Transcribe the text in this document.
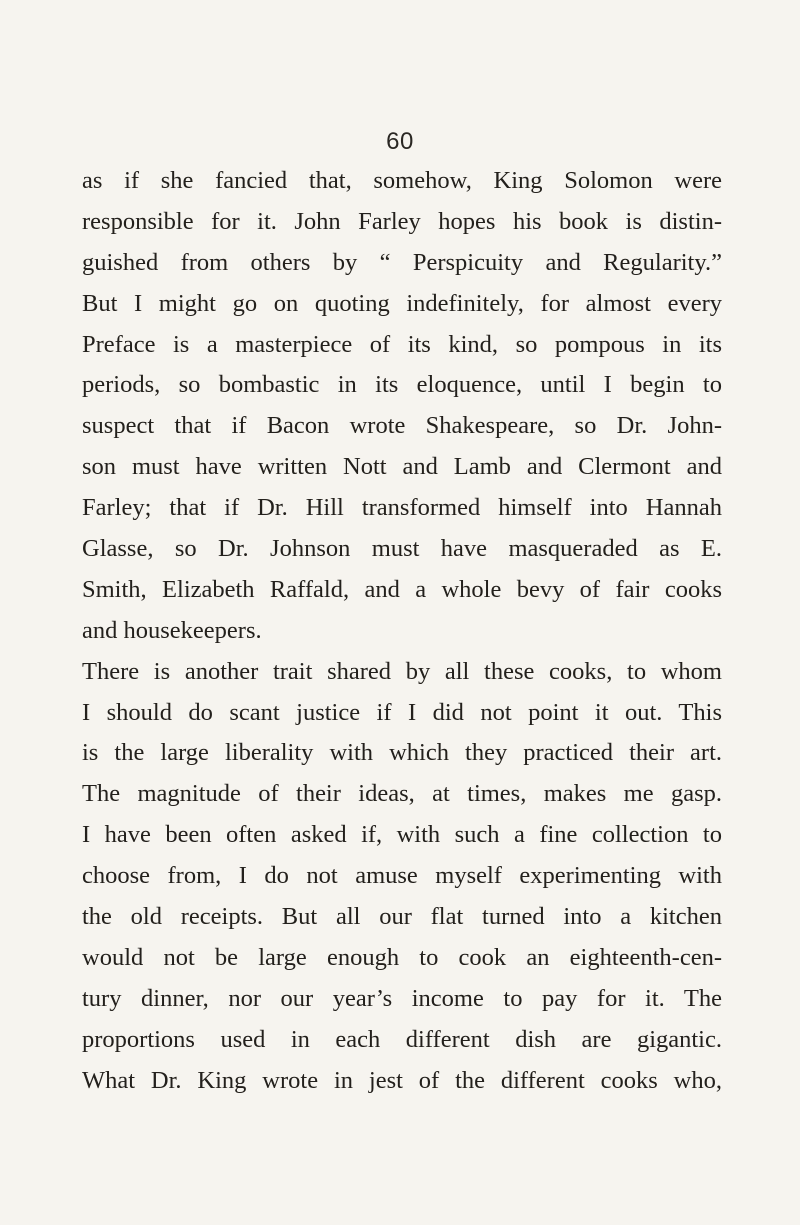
60
as if she fancied that, somehow, King Solomon were
responsible for it. John Farley hopes his book is distin-
guished from others by “ Perspicuity and Regularity.”
But I might go on quoting indefinitely, for almost every
Preface is a masterpiece of its kind, so pompous in its
periods, so bombastic in its eloquence, until I begin to
suspect that if Bacon wrote Shakespeare, so Dr. John-
son must have written Nott and Lamb and Clermont and
Farley; that if Dr. Hill transformed himself into Hannah
Glasse, so Dr. Johnson must have masqueraded as E.
Smith, Elizabeth Raffald, and a whole bevy of fair cooks
and housekeepers.
There is another trait shared by all these cooks, to whom
I should do scant justice if I did not point it out. This
is the large liberality with which they practiced their art.
The magnitude of their ideas, at times, makes me gasp.
I have been often asked if, with such a fine collection to
choose from, I do not amuse myself experimenting with
the old receipts. But all our flat turned into a kitchen
would not be large enough to cook an eighteenth-cen-
tury dinner, nor our year’s income to pay for it. The
proportions used in each different dish are gigantic.
What Dr. King wrote in jest of the different cooks who,
